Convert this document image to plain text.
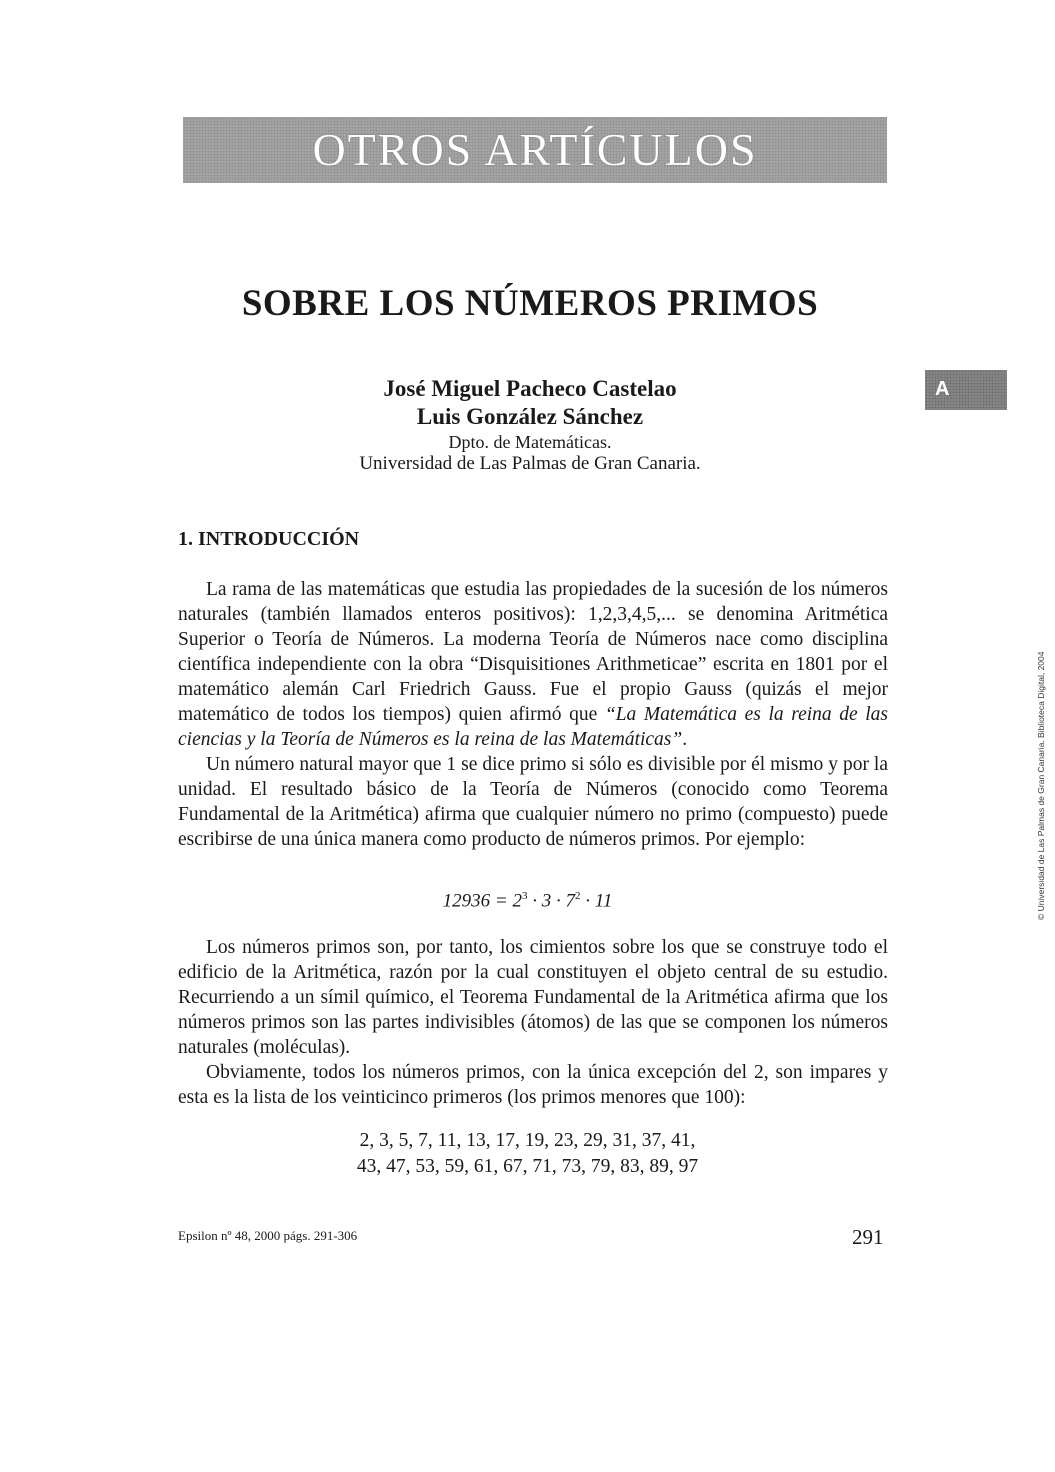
OTROS ARTÍCULOS
A
SOBRE LOS NÚMEROS PRIMOS
José Miguel Pacheco Castelao
Luis González Sánchez
Dpto. de Matemáticas.
Universidad de Las Palmas de Gran Canaria.
1. INTRODUCCIÓN

La rama de las matemáticas que estudia las propiedades de la sucesión de los números naturales (también llamados enteros positivos): 1,2,3,4,5,... se denomina Aritmética Superior o Teoría de Números. La moderna Teoría de Números nace como disciplina científica independiente con la obra “Disquisitiones Arithmeticae” escrita en 1801 por el matemático alemán Carl Friedrich Gauss. Fue el propio Gauss (quizás el mejor matemático de todos los tiempos) quien afirmó que “La Matemática es la reina de las ciencias y la Teoría de Números es la reina de las Matemáticas”.

Un número natural mayor que 1 se dice primo si sólo es divisible por él mismo y por la unidad. El resultado básico de la Teoría de Números (conocido como Teorema Fundamental de la Aritmética) afirma que cualquier número no primo (compuesto) puede escribirse de una única manera como producto de números primos. Por ejemplo:

$12936 = 2^3 \cdot 3 \cdot 7^2 \cdot 11$

Los números primos son, por tanto, los cimientos sobre los que se construye todo el edificio de la Aritmética, razón por la cual constituyen el objeto central de su estudio. Recurriendo a un símil químico, el Teorema Fundamental de la Aritmética afirma que los números primos son las partes indivisibles (átomos) de las que se componen los números naturales (moléculas).

Obviamente, todos los números primos, con la única excepción del 2, son impares y esta es la lista de los veinticinco primeros (los primos menores que 100):

2, 3, 5, 7, 11, 13, 17, 19, 23, 29, 31, 37, 41,
43, 47, 53, 59, 61, 67, 71, 73, 79, 83, 89, 97
Epsilon nº 48, 2000 págs. 291-306	291
© Universidad de Las Palmas de Gran Canaria. Biblioteca Digital, 2004
